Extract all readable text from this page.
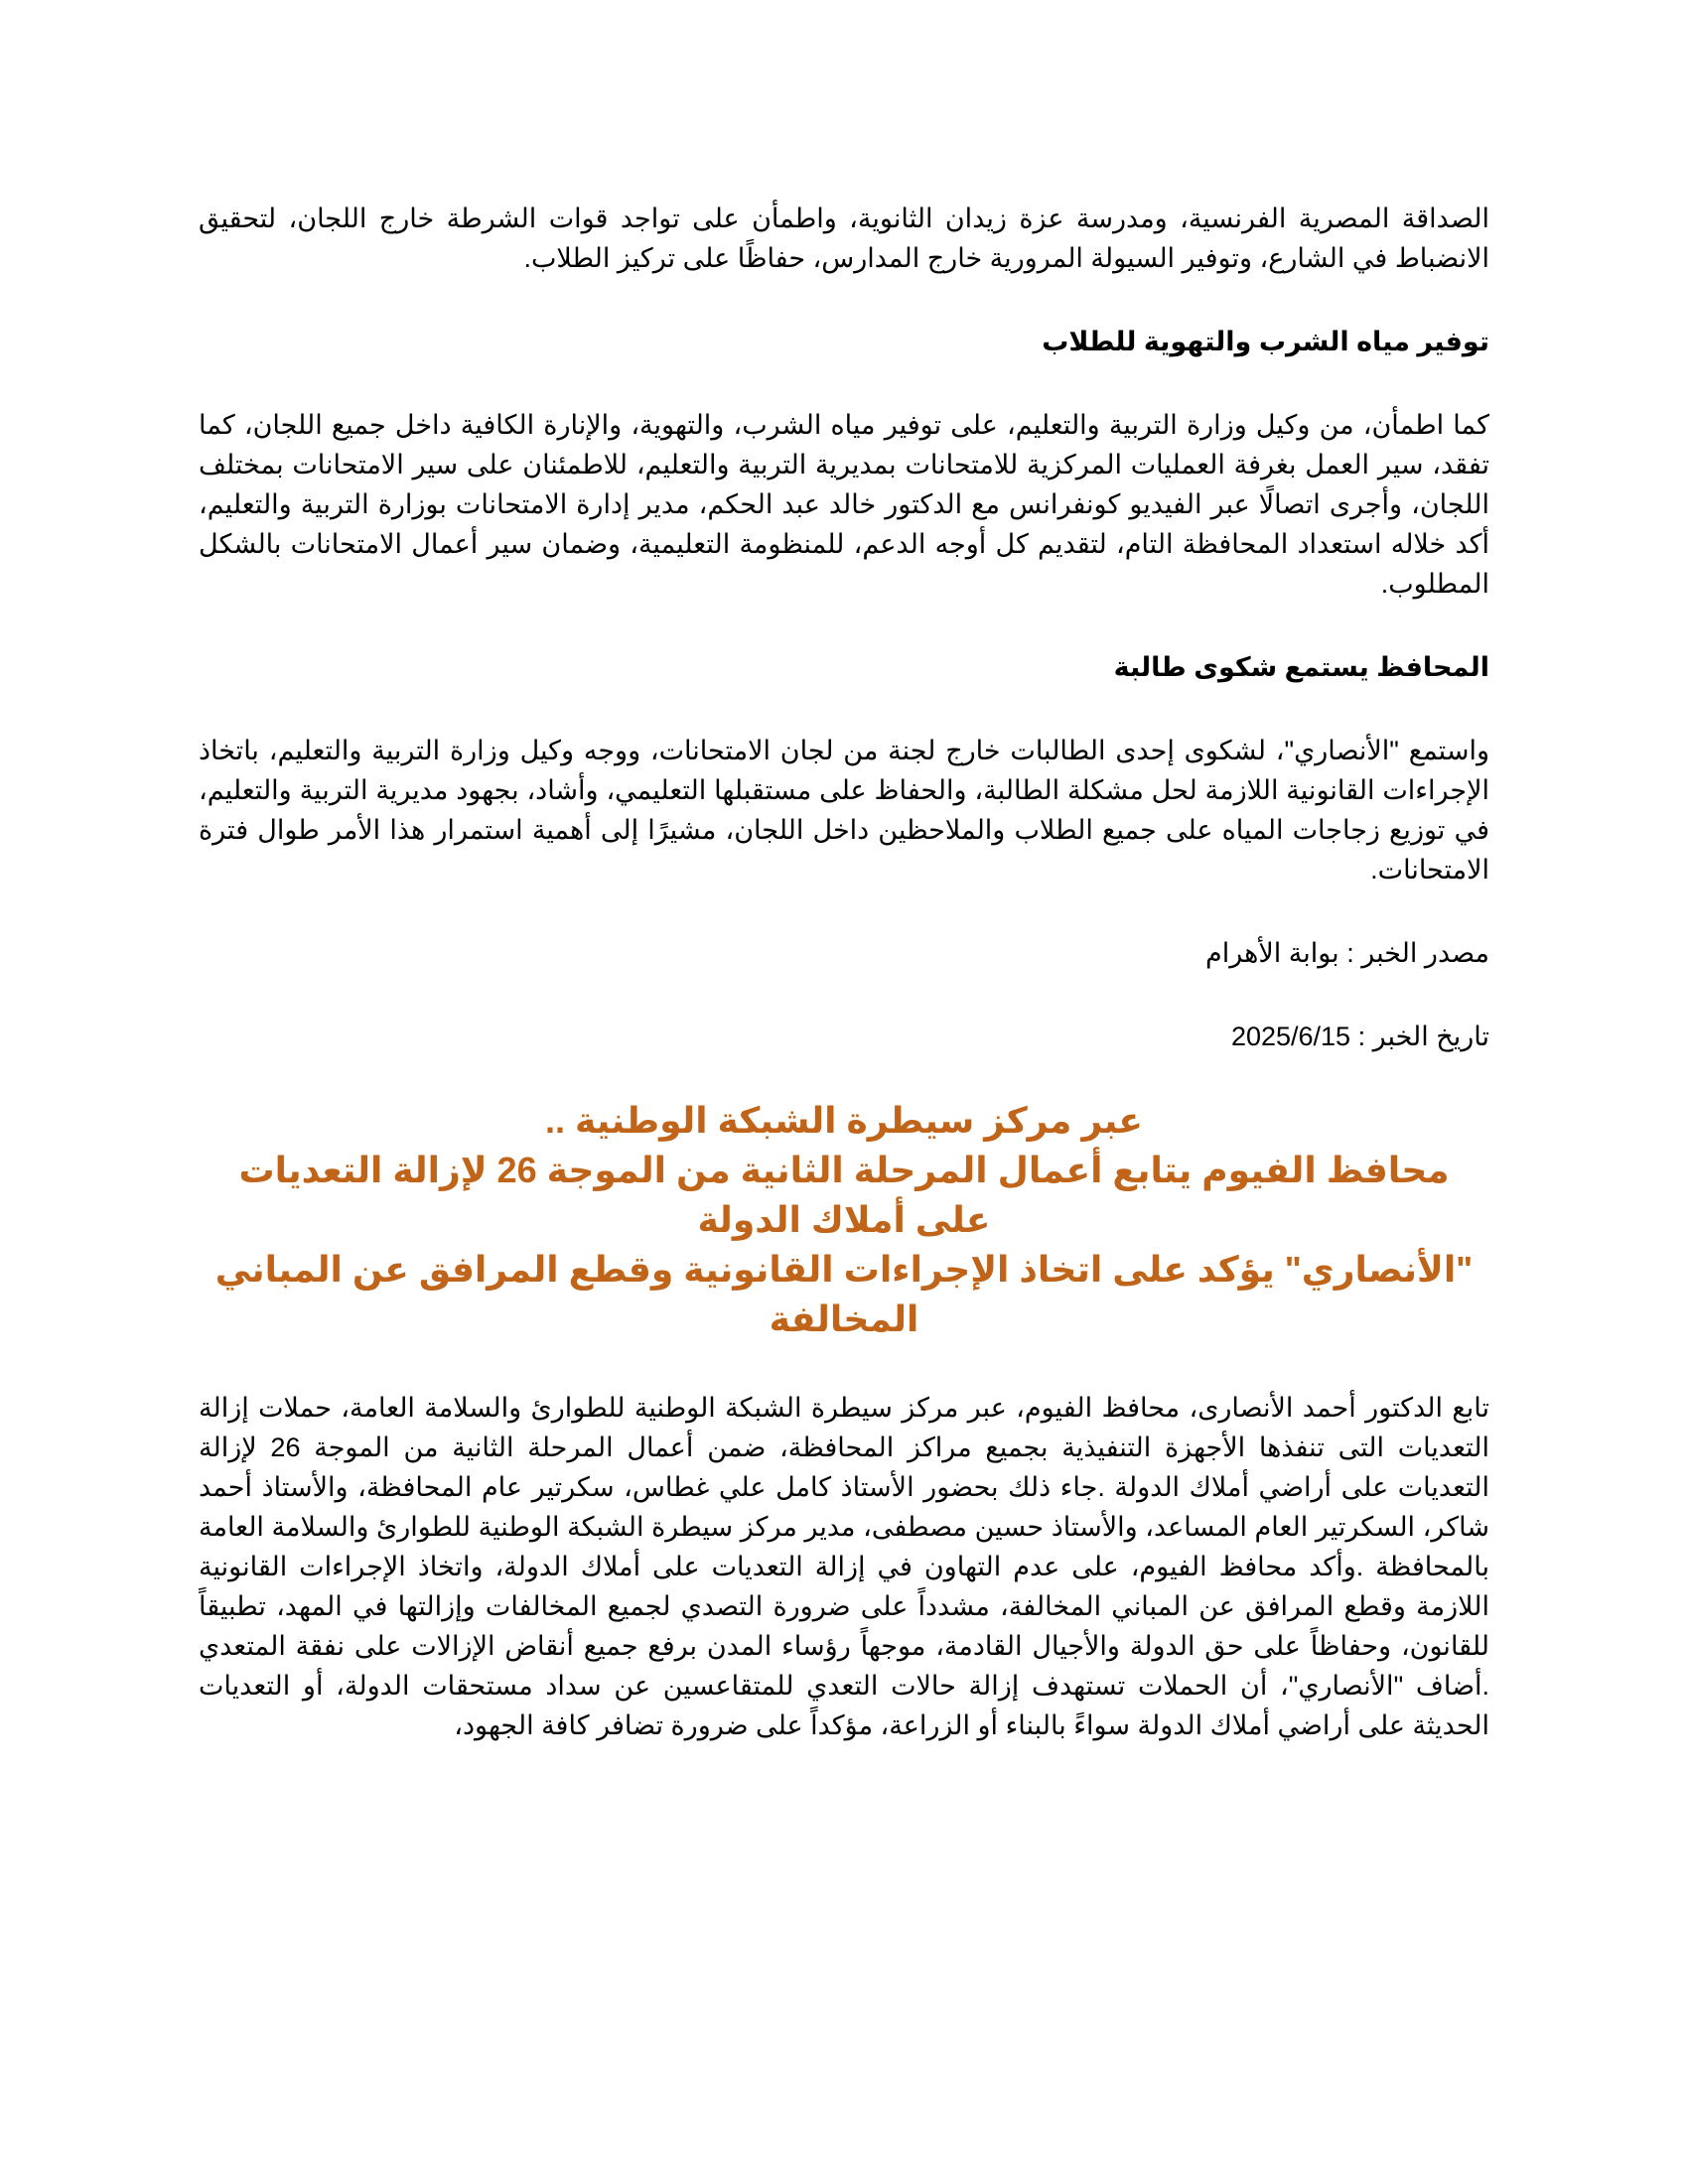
الصداقة المصرية الفرنسية، ومدرسة عزة زيدان الثانوية، واطمأن على تواجد قوات الشرطة خارج اللجان، لتحقيق الانضباط في الشارع، وتوفير السيولة المرورية خارج المدارس، حفاظًا على تركيز الطلاب.

توفير مياه الشرب والتهوية للطلاب

كما اطمأن، من وكيل وزارة التربية والتعليم، على توفير مياه الشرب، والتهوية، والإنارة الكافية داخل جميع اللجان، كما تفقد، سير العمل بغرفة العمليات المركزية للامتحانات بمديرية التربية والتعليم، للاطمئنان على سير الامتحانات بمختلف اللجان، وأجرى اتصالًا عبر الفيديو كونفرانس مع الدكتور خالد عبد الحكم، مدير إدارة الامتحانات بوزارة التربية والتعليم، أكد خلاله استعداد المحافظة التام، لتقديم كل أوجه الدعم، للمنظومة التعليمية، وضمان سير أعمال الامتحانات بالشكل المطلوب.

المحافظ يستمع شكوى طالبة

واستمع "الأنصاري"، لشكوى إحدى الطالبات خارج لجنة من لجان الامتحانات، ووجه وكيل وزارة التربية والتعليم، باتخاذ الإجراءات القانونية اللازمة لحل مشكلة الطالبة، والحفاظ على مستقبلها التعليمي، وأشاد، بجهود مديرية التربية والتعليم، في توزيع زجاجات المياه على جميع الطلاب والملاحظين داخل اللجان، مشيرًا إلى أهمية استمرار هذا الأمر طوال فترة الامتحانات.

مصدر الخبر : بوابة الأهرام

تاريخ الخبر : 2025/6/15

عبر مركز سيطرة الشبكة الوطنية ..
محافظ الفيوم يتابع أعمال المرحلة الثانية من الموجة 26 لإزالة التعديات على أملاك الدولة
"الأنصاري" يؤكد على اتخاذ الإجراءات القانونية وقطع المرافق عن المباني المخالفة

تابع الدكتور أحمد الأنصارى، محافظ الفيوم، عبر مركز سيطرة الشبكة الوطنية للطوارئ والسلامة العامة، حملات إزالة التعديات التى تنفذها الأجهزة التنفيذية بجميع مراكز المحافظة، ضمن أعمال المرحلة الثانية من الموجة 26 لإزالة التعديات على أراضي أملاك الدولة .جاء ذلك بحضور الأستاذ كامل علي غطاس، سكرتير عام المحافظة، والأستاذ أحمد شاكر، السكرتير العام المساعد، والأستاذ حسين مصطفى، مدير مركز سيطرة الشبكة الوطنية للطوارئ والسلامة العامة بالمحافظة .وأكد محافظ الفيوم، على عدم التهاون في إزالة التعديات على أملاك الدولة، واتخاذ الإجراءات القانونية اللازمة وقطع المرافق عن المباني المخالفة، مشدداً على ضرورة التصدي لجميع المخالفات وإزالتها في المهد، تطبيقاً للقانون، وحفاظاً على حق الدولة والأجيال القادمة، موجهاً رؤساء المدن برفع جميع أنقاض الإزالات على نفقة المتعدي .أضاف "الأنصاري"، أن الحملات تستهدف إزالة حالات التعدي للمتقاعسين عن سداد مستحقات الدولة، أو التعديات الحديثة على أراضي أملاك الدولة سواءً بالبناء أو الزراعة، مؤكداً على ضرورة تضافر كافة الجهود،
